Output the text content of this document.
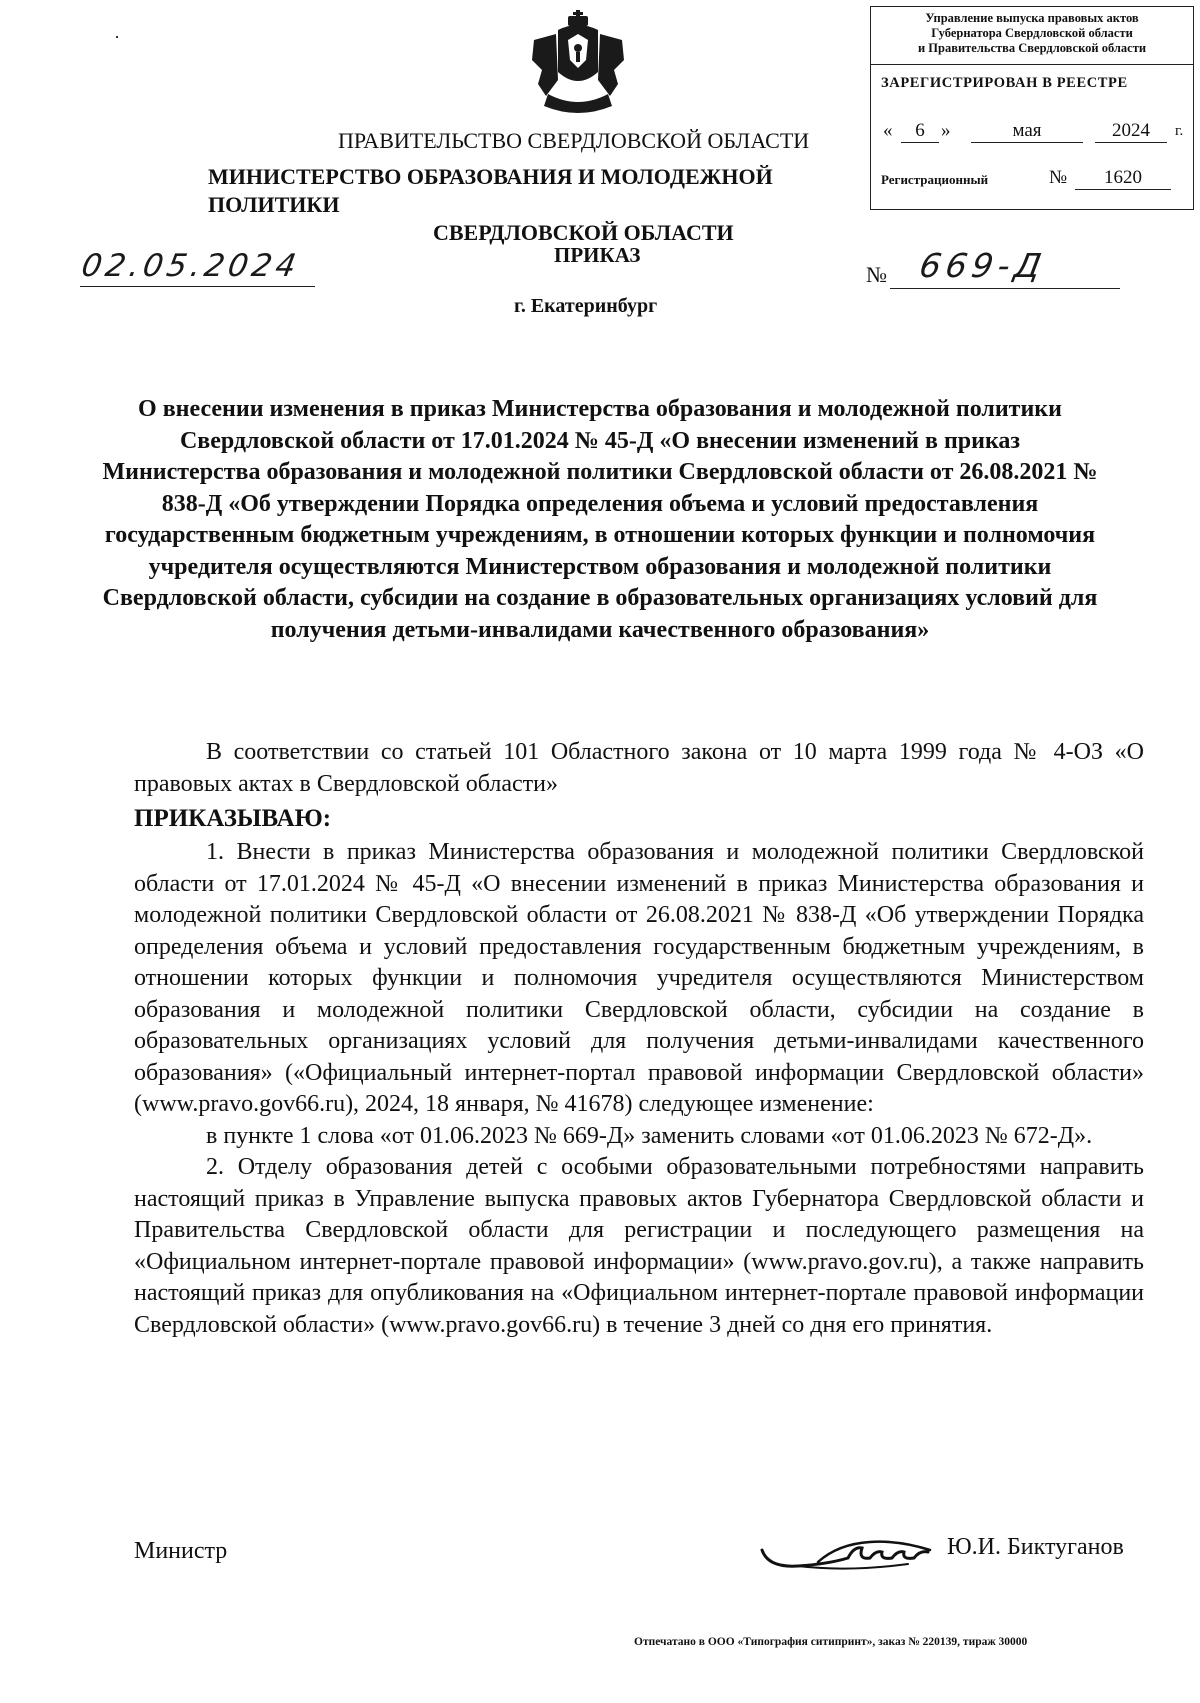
Управление выпуска правовых актов
Губернатора Свердловской области
и Правительства Свердловской области
ЗАРЕГИСТРИРОВАН В РЕЕСТРЕ
«	6 »	мая	2024	г.
Регистрационный	№	1620
ПРАВИТЕЛЬСТВО СВЕРДЛОВСКОЙ ОБЛАСТИ
МИНИСТЕРСТВО ОБРАЗОВАНИЯ И МОЛОДЕЖНОЙ ПОЛИТИКИ
СВЕРДЛОВСКОЙ ОБЛАСТИ
ПРИКАЗ
г. Екатеринбург
02.05.2024	№ 669-Д
О внесении изменения в приказ Министерства образования и молодежной политики Свердловской области от 17.01.2024 № 45-Д «О внесении изменений в приказ Министерства образования и молодежной политики Свердловской области от 26.08.2021 № 838-Д «Об утверждении Порядка определения объема и условий предоставления государственным бюджетным учреждениям, в отношении которых функции и полномочия учредителя осуществляются Министерством образования и молодежной политики Свердловской области, субсидии на создание в образовательных организациях условий для получения детьми-инвалидами качественного образования»
В соответствии со статьей 101 Областного закона от 10 марта 1999 года № 4-ОЗ «О правовых актах в Свердловской области»
ПРИКАЗЫВАЮ:
1. Внести в приказ Министерства образования и молодежной политики Свердловской области от 17.01.2024 № 45-Д «О внесении изменений в приказ Министерства образования и молодежной политики Свердловской области от 26.08.2021 № 838-Д «Об утверждении Порядка определения объема и условий предоставления государственным бюджетным учреждениям, в отношении которых функции и полномочия учредителя осуществляются Министерством образования и молодежной политики Свердловской области, субсидии на создание в образовательных организациях условий для получения детьми-инвалидами качественного образования» («Официальный интернет-портал правовой информации Свердловской области» (www.pravo.gov66.ru), 2024, 18 января, № 41678) следующее изменение:
в пункте 1 слова «от 01.06.2023 № 669-Д» заменить словами «от 01.06.2023 № 672-Д».
2. Отделу образования детей с особыми образовательными потребностями направить настоящий приказ в Управление выпуска правовых актов Губернатора Свердловской области и Правительства Свердловской области для регистрации и последующего размещения на «Официальном интернет-портале правовой информации» (www.pravo.gov.ru), а также направить настоящий приказ для опубликования на «Официальном интернет-портале правовой информации Свердловской области» (www.pravo.gov66.ru) в течение 3 дней со дня его принятия.
Министр	Ю.И. Биктуганов
Отпечатано в ООО «Типография ситипринт», заказ № 220139, тираж 30000
